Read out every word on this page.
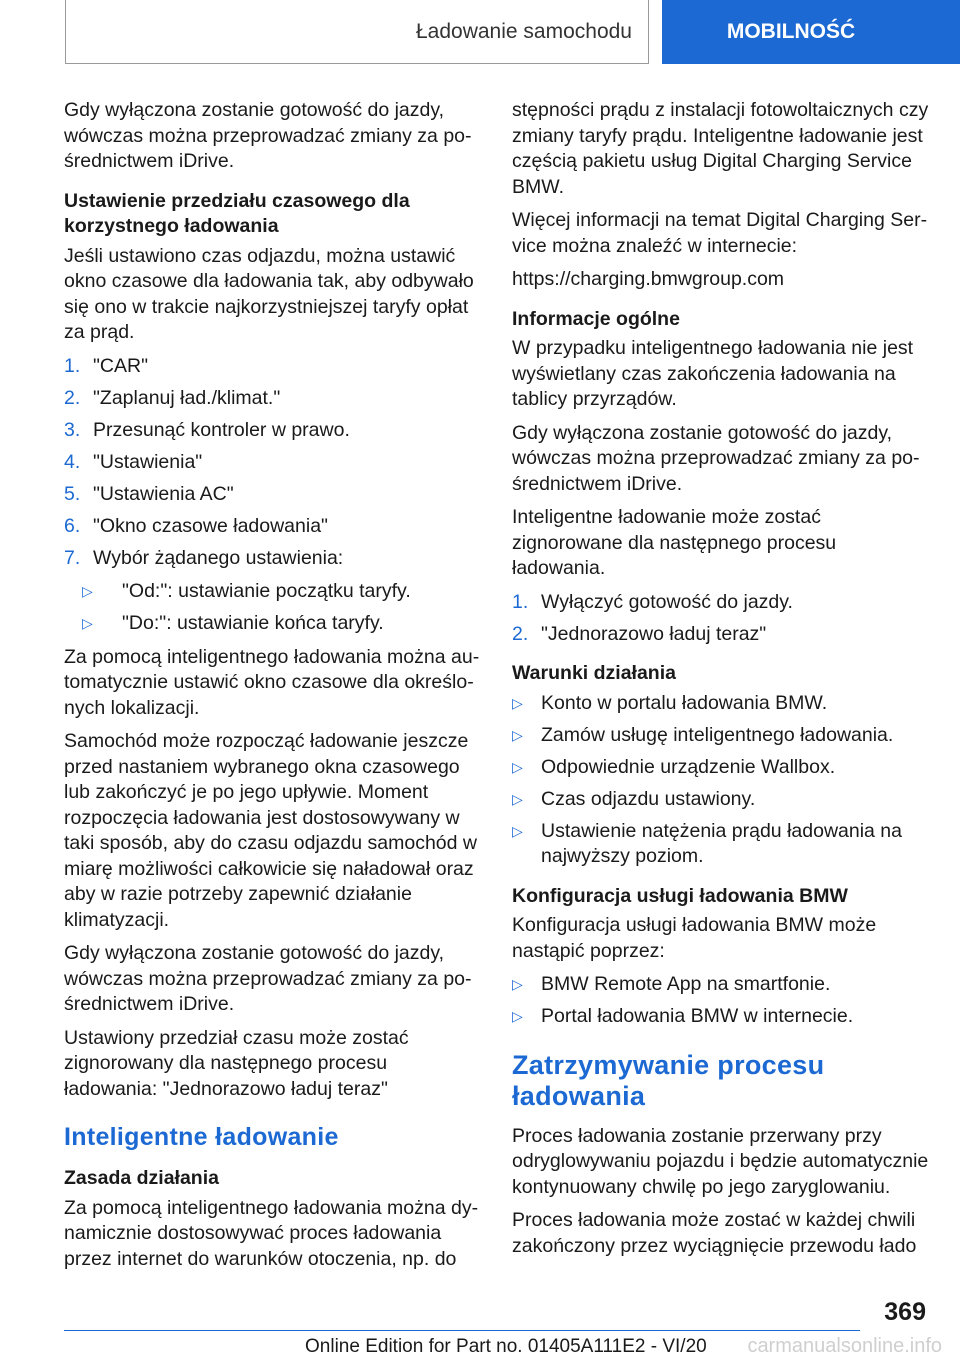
Ładowanie samochodu	MOBILNOŚĆ

Gdy wyłączona zostanie gotowość do jazdy, wówczas można przeprowadzać zmiany za pośrednictwem iDrive.

Ustawienie przedziału czasowego dla korzystnego ładowania

Jeśli ustawiono czas odjazdu, można ustawić okno czasowe dla ładowania tak, aby odbywało się ono w trakcie najkorzystniejszej taryfy opłat za prąd.

1. "CAR"
2. "Zaplanuj ład./klimat."
3. Przesunąć kontroler w prawo.
4. "Ustawienia"
5. "Ustawienia AC"
6. "Okno czasowe ładowania"
7. Wybór żądanego ustawienia:
▷ "Od:": ustawianie początku taryfy.
▷ "Do:": ustawianie końca taryfy.

Za pomocą inteligentnego ładowania można automatycznie ustawić okno czasowe dla określonych lokalizacji.

Samochód może rozpocząć ładowanie jeszcze przed nastaniem wybranego okna czasowego lub zakończyć je po jego upływie. Moment rozpoczęcia ładowania jest dostosowywany w taki sposób, aby do czasu odjazdu samochód w miarę możliwości całkowicie się naładował oraz aby w razie potrzeby zapewnić działanie klimatyzacji.

Gdy wyłączona zostanie gotowość do jazdy, wówczas można przeprowadzać zmiany za pośrednictwem iDrive.

Ustawiony przedział czasu może zostać zignorowany dla następnego procesu ładowania: "Jednorazowo ładuj teraz"

Inteligentne ładowanie
Zasada działania

Za pomocą inteligentnego ładowania można dynamicznie dostosowywać proces ładowania przez internet do warunków otoczenia, np. do

stępności prądu z instalacji fotowoltaicznych czy zmiany taryfy prądu. Inteligentne ładowanie jest częścią pakietu usług Digital Charging Service BMW.

Więcej informacji na temat Digital Charging Service można znaleźć w internecie:

https://charging.bmwgroup.com

Informacje ogólne

W przypadku inteligentnego ładowania nie jest wyświetlany czas zakończenia ładowania na tablicy przyrządów.

Gdy wyłączona zostanie gotowość do jazdy, wówczas można przeprowadzać zmiany za pośrednictwem iDrive.

Inteligentne ładowanie może zostać zignorowane dla następnego procesu ładowania.

1. Wyłączyć gotowość do jazdy.
2. "Jednorazowo ładuj teraz"
Warunki działania
▷ Konto w portalu ładowania BMW.
▷ Zamów usługę inteligentnego ładowania.
▷ Odpowiednie urządzenie Wallbox.
▷ Czas odjazdu ustawiony.
▷ Ustawienie natężenia prądu ładowania na najwyższy poziom.
Konfiguracja usługi ładowania BMW

Konfiguracja usługi ładowania BMW może nastąpić poprzez:

▷ BMW Remote App na smartfonie.
▷ Portal ładowania BMW w internecie.
Zatrzymywanie procesu ładowania

Proces ładowania zostanie przerwany przy odryglowywaniu pojazdu i będzie automatycznie kontynuowany chwilę po jego zaryglowaniu.

Proces ładowania może zostać w każdej chwili zakończony przez wyciągnięcie przewodu łado

369
Online Edition for Part no. 01405A111E2 - VI/20 carmanualsonline.info
